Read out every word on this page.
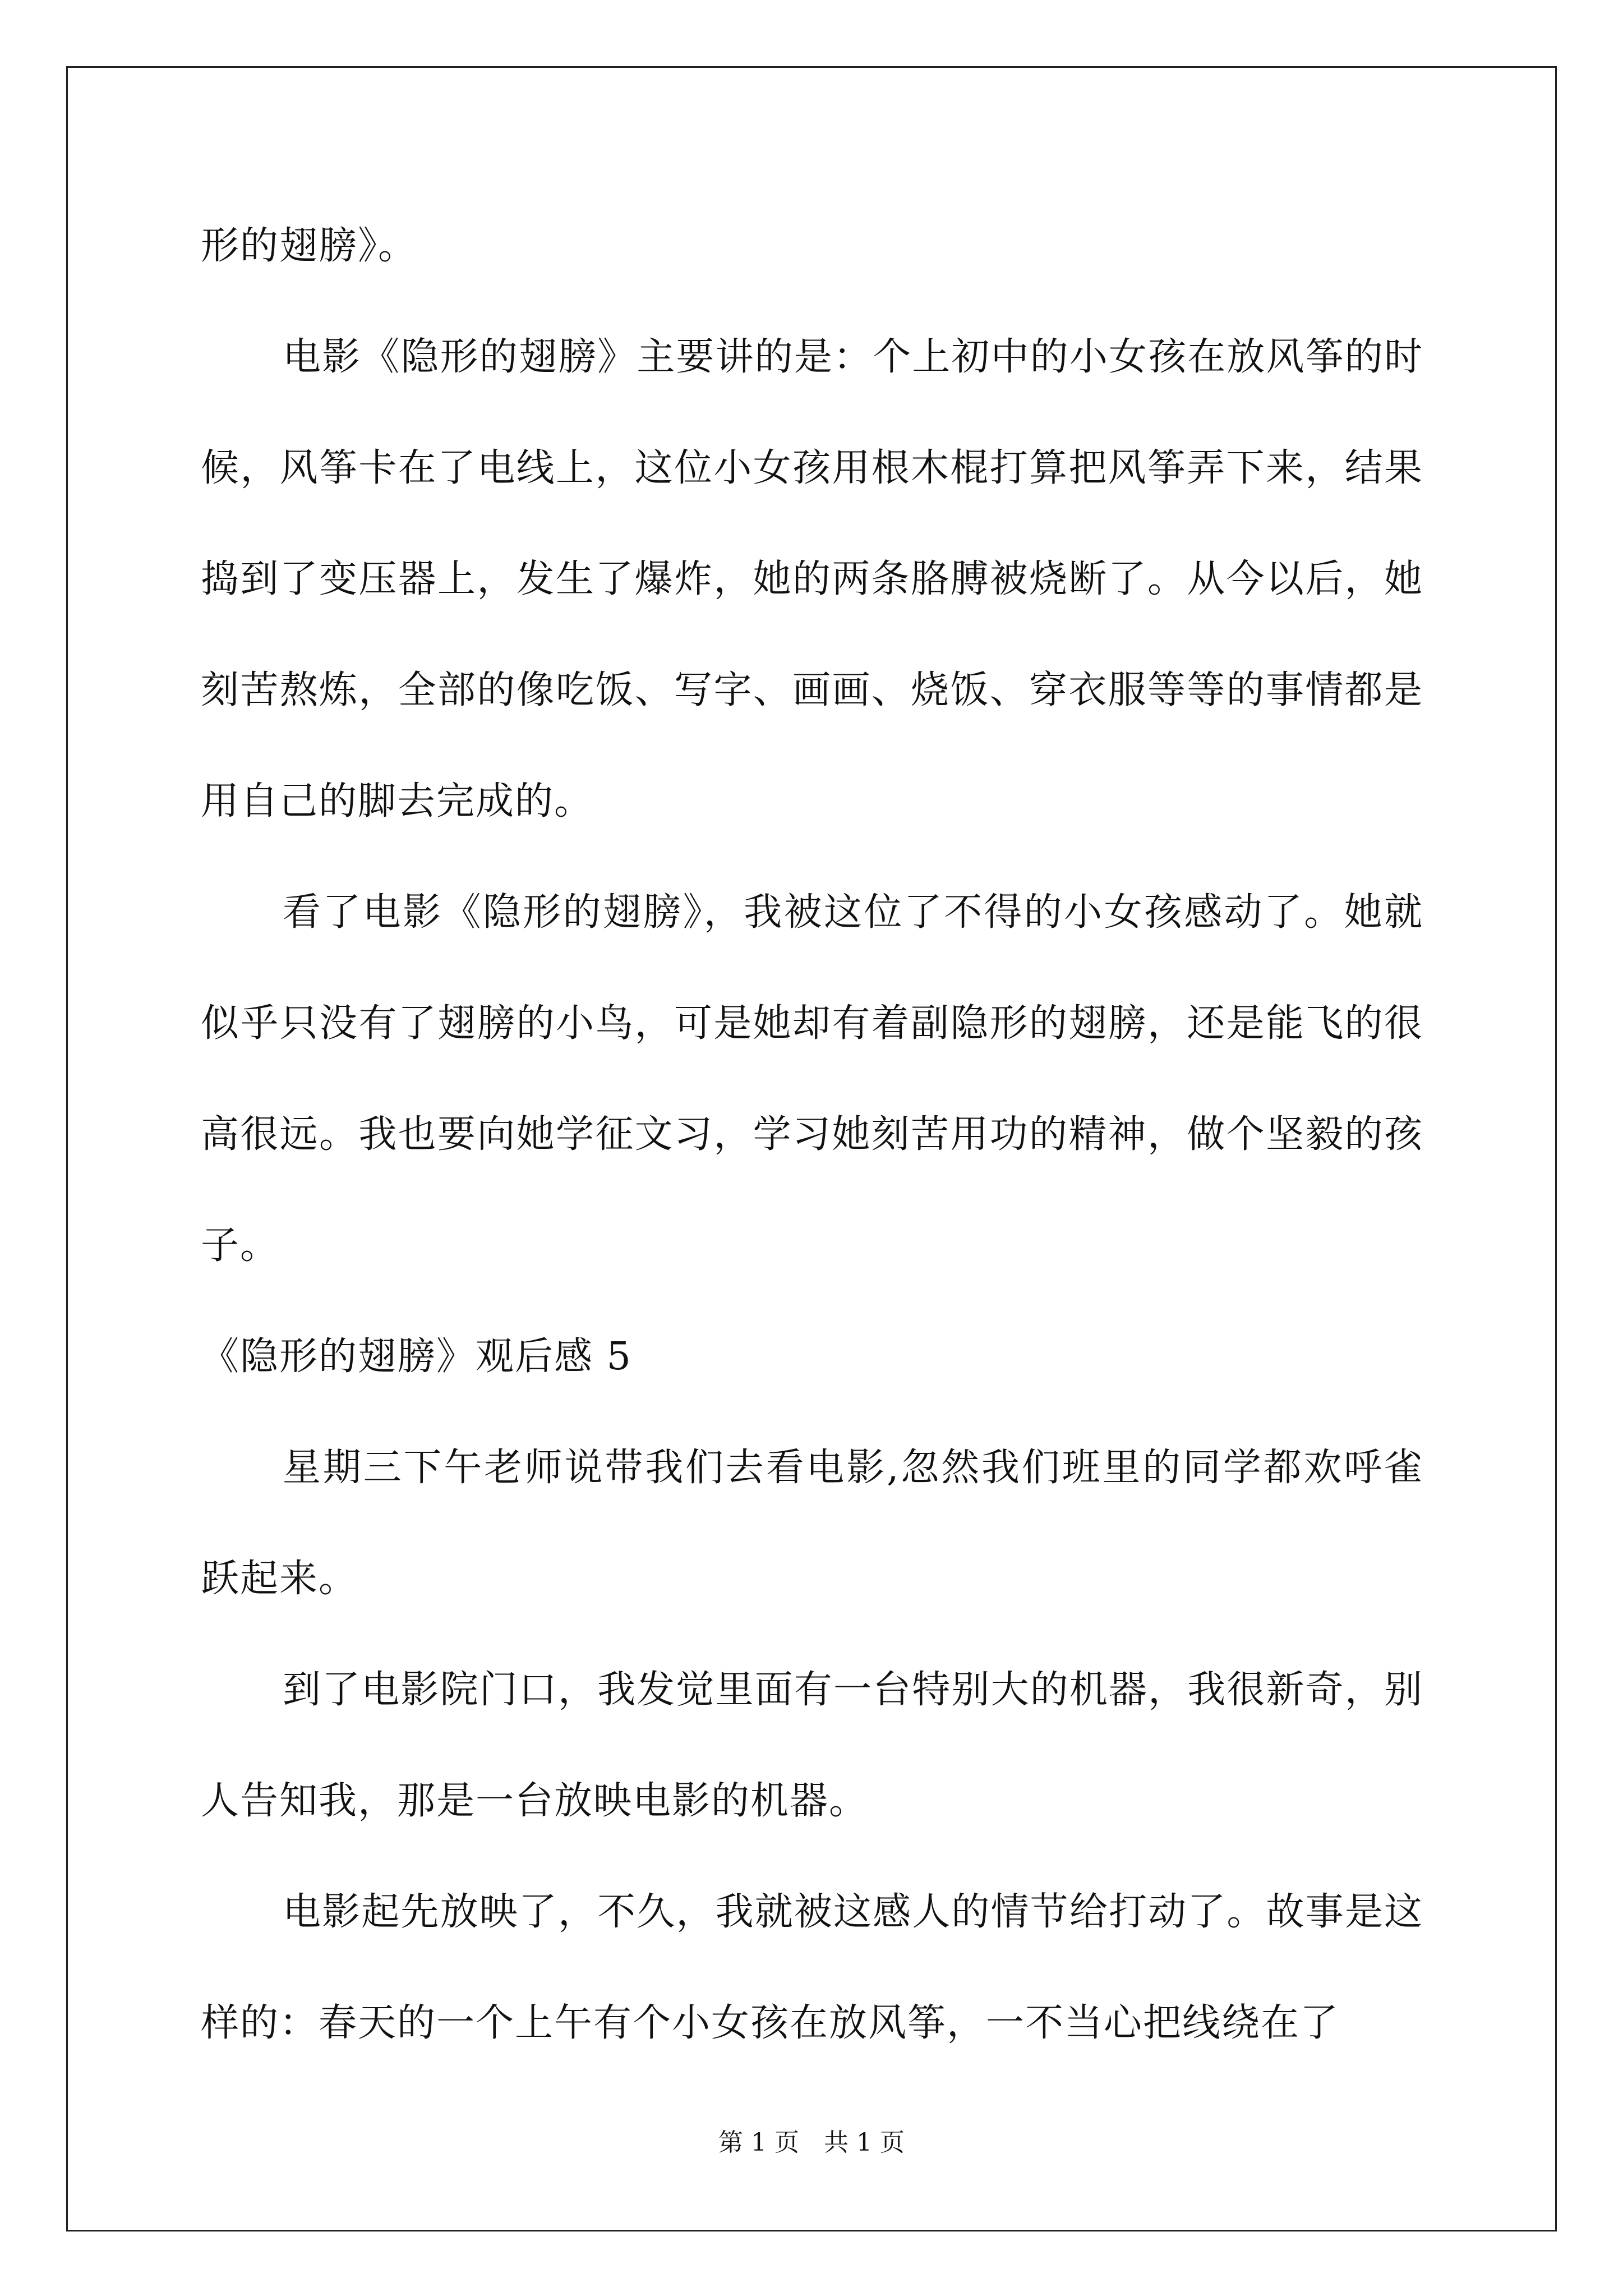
形的翅膀》。

电影《隐形的翅膀》主要讲的是：个上初中的小女孩在放风筝的时候，风筝卡在了电线上，这位小女孩用根木棍打算把风筝弄下来，结果捣到了变压器上，发生了爆炸，她的两条胳膊被烧断了。从今以后，她刻苦熬炼，全部的像吃饭、写字、画画、烧饭、穿衣服等等的事情都是用自己的脚去完成的。

看了电影《隐形的翅膀》，我被这位了不得的小女孩感动了。她就似乎只没有了翅膀的小鸟，可是她却有着副隐形的翅膀，还是能飞的很高很远。我也要向她学征文习，学习她刻苦用功的精神，做个坚毅的孩子。

《隐形的翅膀》观后感 5

星期三下午老师说带我们去看电影,忽然我们班里的同学都欢呼雀跃起来。

到了电影院门口，我发觉里面有一台特别大的机器，我很新奇，别人告知我，那是一台放映电影的机器。

电影起先放映了，不久，我就被这感人的情节给打动了。故事是这样的：春天的一个上午有个小女孩在放风筝，一不当心把线绕在了

第 1 页　共 1 页
